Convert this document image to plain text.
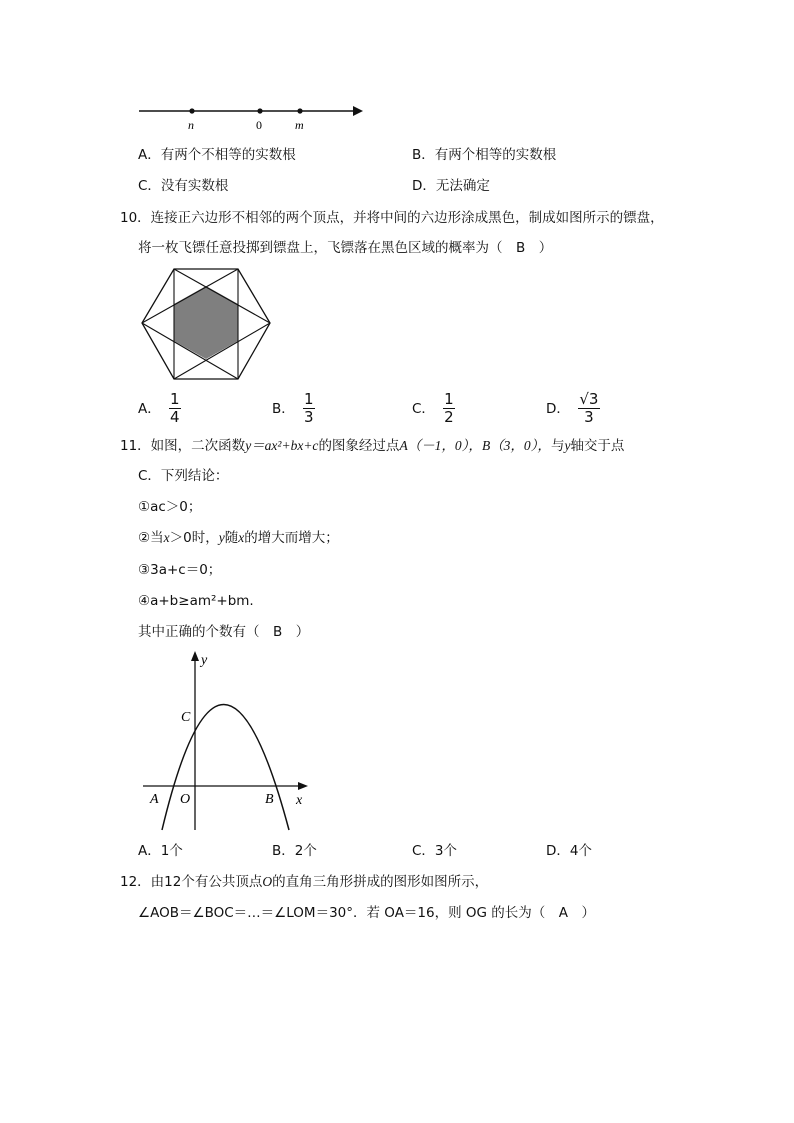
n	0	m
A．有两个不相等的实数根	B．有两个相等的实数根
C．没有实数根	D．无法确定
10．连接正六边形不相邻的两个顶点，并将中间的六边形涂成黑色，制成如图所示的镖盘，
将一枚飞镖任意投掷到镖盘上，飞镖落在黑色区域的概率为（　B　）
A． $\frac{1}{4}$	B． $\frac{1}{3}$	C． $\frac{1}{2}$	D． $\frac{√3}{3}$
11．如图，二次函数y＝ax²+bx+c的图象经过点A（－1，0），B（3，0），与y轴交于点
C．下列结论：
①ac＞0；
②当x＞0时，y随x的增大而增大；
③3a+c＝0；
④a+b≥am²+bm.
其中正确的个数有（　B　）
y
x
C
A O	B
A．1个	B．2个	C．3个	D．4个
12．由12个有公共顶点O的直角三角形拼成的图形如图所示，
∠AOB＝∠BOC＝…＝∠LOM＝30°．若 OA＝16，则 OG 的长为（　A　）
